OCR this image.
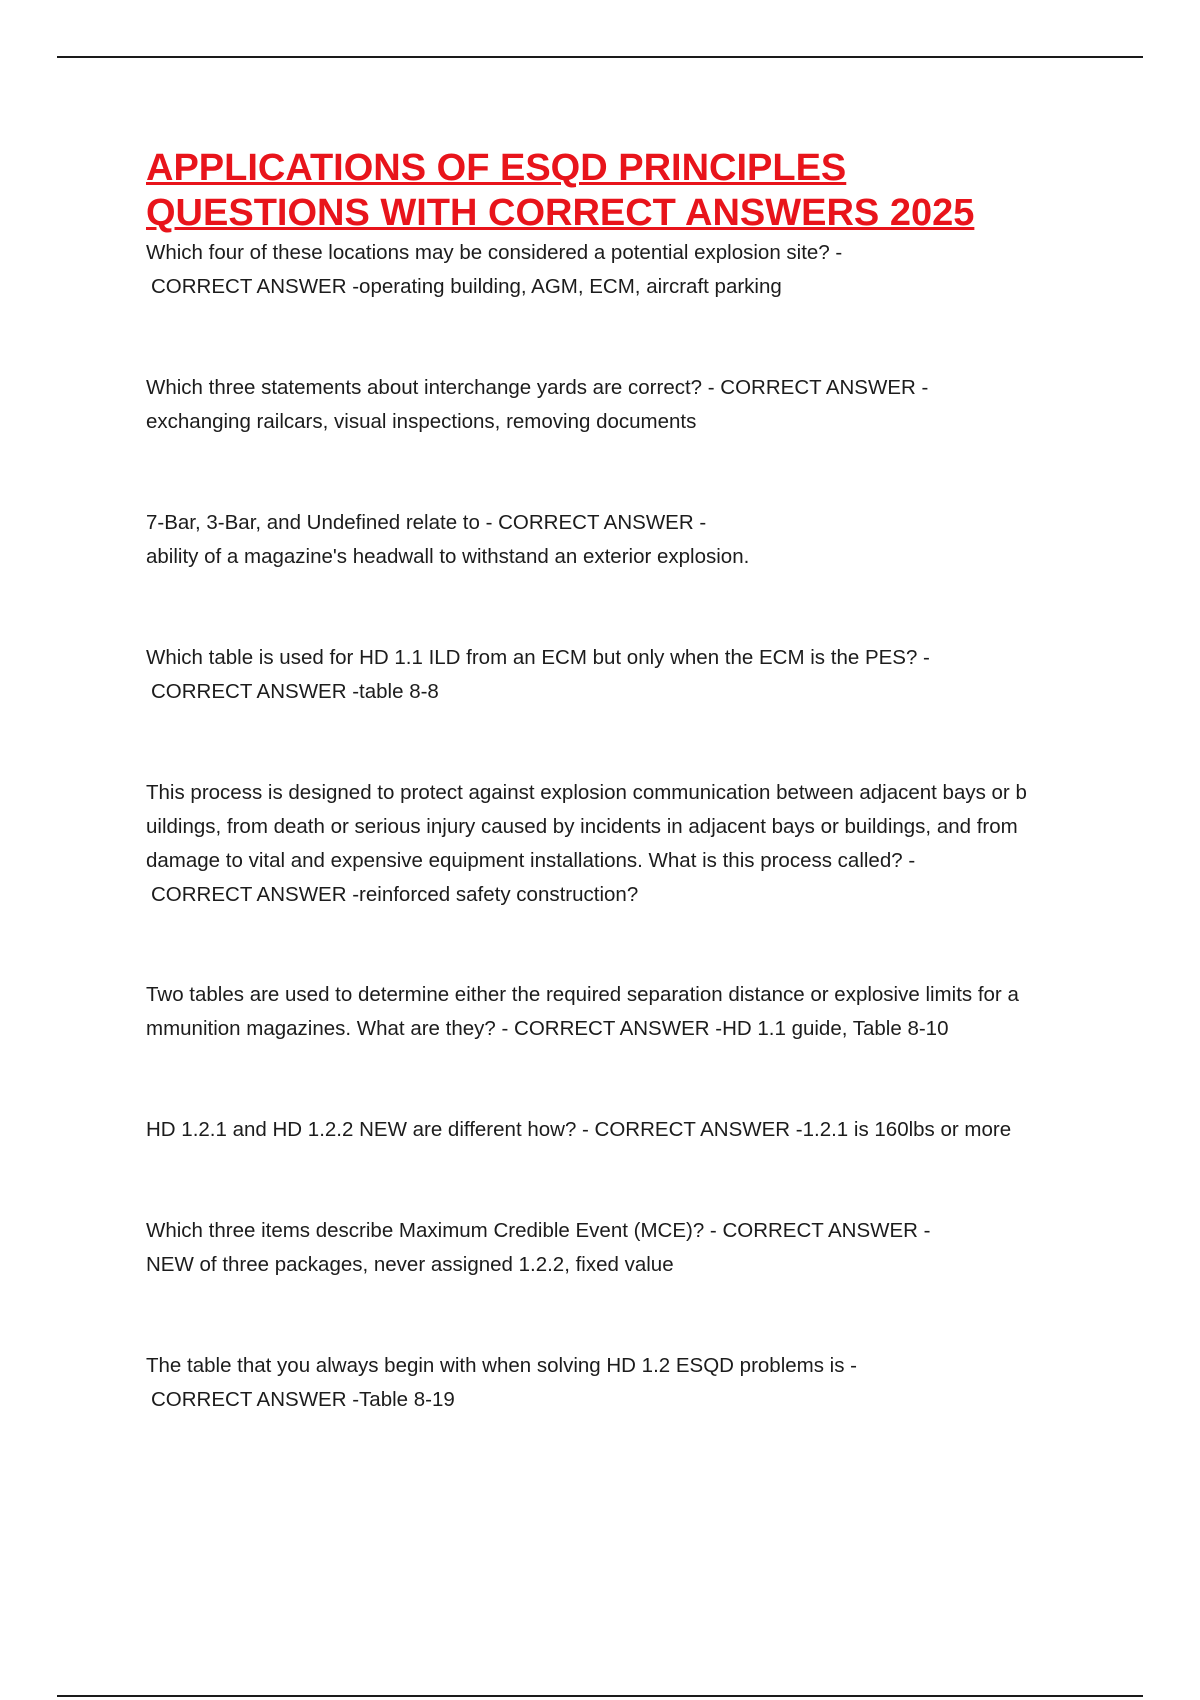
APPLICATIONS OF ESQD PRINCIPLES
QUESTIONS WITH CORRECT ANSWERS 2025
Which four of these locations may be considered a potential explosion site? -
CORRECT ANSWER -operating building, AGM, ECM, aircraft parking
Which three statements about interchange yards are correct? - CORRECT ANSWER -
exchanging railcars, visual inspections, removing documents
7-Bar, 3-Bar, and Undefined relate to - CORRECT ANSWER -
ability of a magazine's headwall to withstand an exterior explosion.
Which table is used for HD 1.1 ILD from an ECM but only when the ECM is the PES? -
CORRECT ANSWER -table 8-8
This process is designed to protect against explosion communication between adjacent bays or b
uildings, from death or serious injury caused by incidents in adjacent bays or buildings, and from
damage to vital and expensive equipment installations. What is this process called? -
CORRECT ANSWER -reinforced safety construction?
Two tables are used to determine either the required separation distance or explosive limits for a
mmunition magazines. What are they? - CORRECT ANSWER -HD 1.1 guide, Table 8-10
HD 1.2.1 and HD 1.2.2 NEW are different how? - CORRECT ANSWER -1.2.1 is 160lbs or more
Which three items describe Maximum Credible Event (MCE)? - CORRECT ANSWER -
NEW of three packages, never assigned 1.2.2, fixed value
The table that you always begin with when solving HD 1.2 ESQD problems is -
CORRECT ANSWER -Table 8-19
